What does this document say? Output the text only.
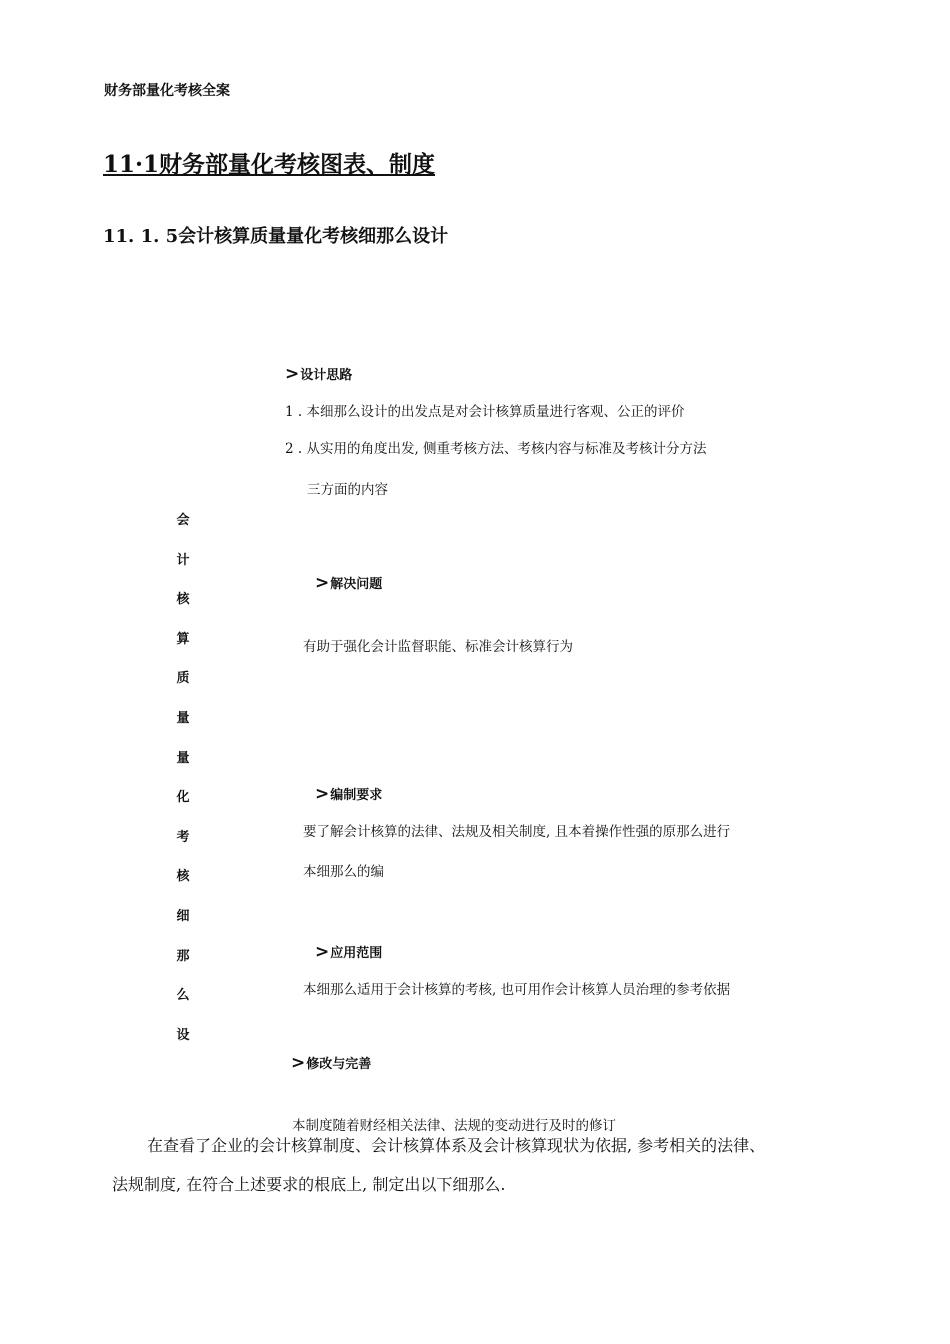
财务部量化考核全案
11·1财务部量化考核图表、制度
11. 1. 5会计核算质量量化考核细那么设计
会
计
核
算
质
量
量
化
考
核
细
那
么
设
>设计思路
1 . 本细那么设计的出发点是对会计核算质量进行客观、公正的评价
2 . 从实用的角度出发, 侧重考核方法、考核内容与标准及考核计分方法
三方面的内容
>解决问题
有助于强化会计监督职能、标准会计核算行为
>编制要求
要了解会计核算的法律、法规及相关制度, 且本着操作性强的原那么进行
本细那么的编
>应用范围
本细那么适用于会计核算的考核, 也可用作会计核算人员治理的参考依据
>修改与完善
本制度随着财经相关法律、法规的变动进行及时的修订
在查看了企业的会计核算制度、会计核算体系及会计核算现状为依据, 参考相关的法律、
法规制度, 在符合上述要求的根底上, 制定出以下细那么.
